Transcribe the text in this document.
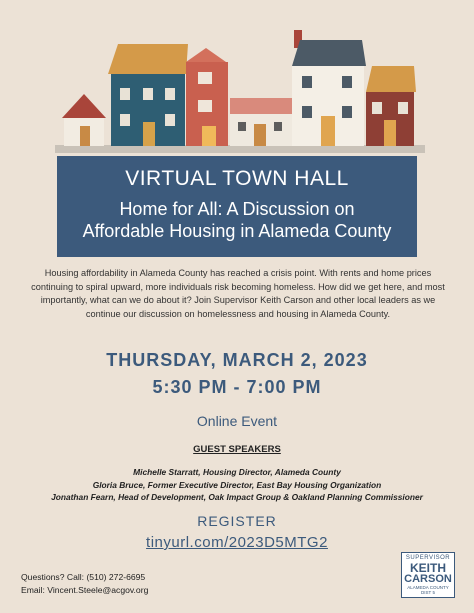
VIRTUAL TOWN HALL
Home for All: A Discussion on
Affordable Housing in Alameda County
Housing affordability in Alameda County has reached a crisis point. With rents and home prices continuing to spiral upward, more individuals risk becoming homeless. How did we get here, and most importantly, what can we do about it? Join Supervisor Keith Carson and other local leaders as we continue our discussion on homelessness and housing in Alameda County.
THURSDAY, MARCH 2, 2023
5:30 PM - 7:00 PM
Online Event
GUEST SPEAKERS
Michelle Starratt, Housing Director, Alameda County
Gloria Bruce, Former Executive Director, East Bay Housing Organization
Jonathan Fearn, Head of Development, Oak Impact Group & Oakland Planning Commissioner
REGISTER
tinyurl.com/2023D5MTG2
Questions? Call: (510) 272-6695
Email: Vincent.Steele@acgov.org
SUPERVISOR
KEITH
CARSON
ALAMEDA COUNTY DIST 5
